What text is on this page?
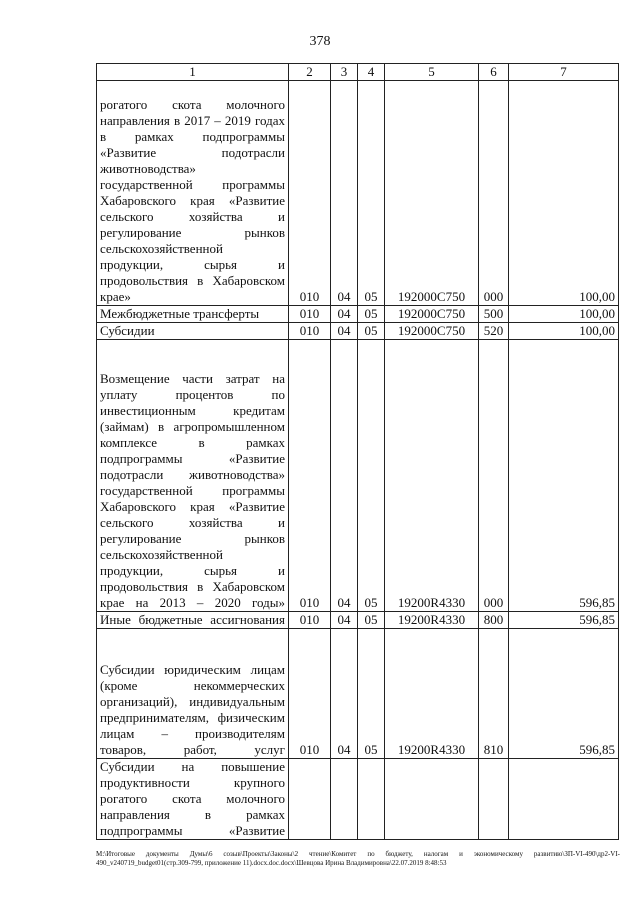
378
1	2	3	4	5	6	7
рогатого скота молочного направления в 2017 – 2019 годах в рамках подпрограммы «Развитие подотрасли животноводства» государственной программы Хабаровского края «Развитие сельского хозяйства и регулирование рынков сельскохозяйственной продукции, сырья и продовольствия в Хабаровском крае»	010	04	05	192000С750	000	100,00
Межбюджетные трансферты	010	04	05	192000С750	500	100,00
Субсидии	010	04	05	192000С750	520	100,00
Возмещение части затрат на уплату процентов по инвестиционным кредитам (займам) в агропромышленном комплексе в рамках подпрограммы «Развитие подотрасли животноводства» государственной программы Хабаровского края «Развитие сельского хозяйства и регулирование рынков сельскохозяйственной продукции, сырья и продовольствия в Хабаровском крае на 2013 – 2020 годы»	010	04	05	19200R4330	000	596,85
Иные бюджетные ассигнования	010	04	05	19200R4330	800	596,85
Субсидии юридическим лицам (кроме некоммерческих организаций), индивидуальным предпринимателям, физическим лицам – производителям товаров, работ, услуг	010	04	05	19200R4330	810	596,85
Субсидии на повышение продуктивности крупного рогатого скота молочного направления в рамках подпрограммы «Развитие						
M:\Итоговые документы Думы\6 созыв\Проекты\Законы\2 чтение\Комитет по бюджету, налогам и экономическому развитию\ЗП-VI-490\др2-VI-490_v240719_budget01(стр.309-799, приложение 11).docx.doc.docx\Шевцова Ирина Владимировна\22.07.2019 8:48:53
